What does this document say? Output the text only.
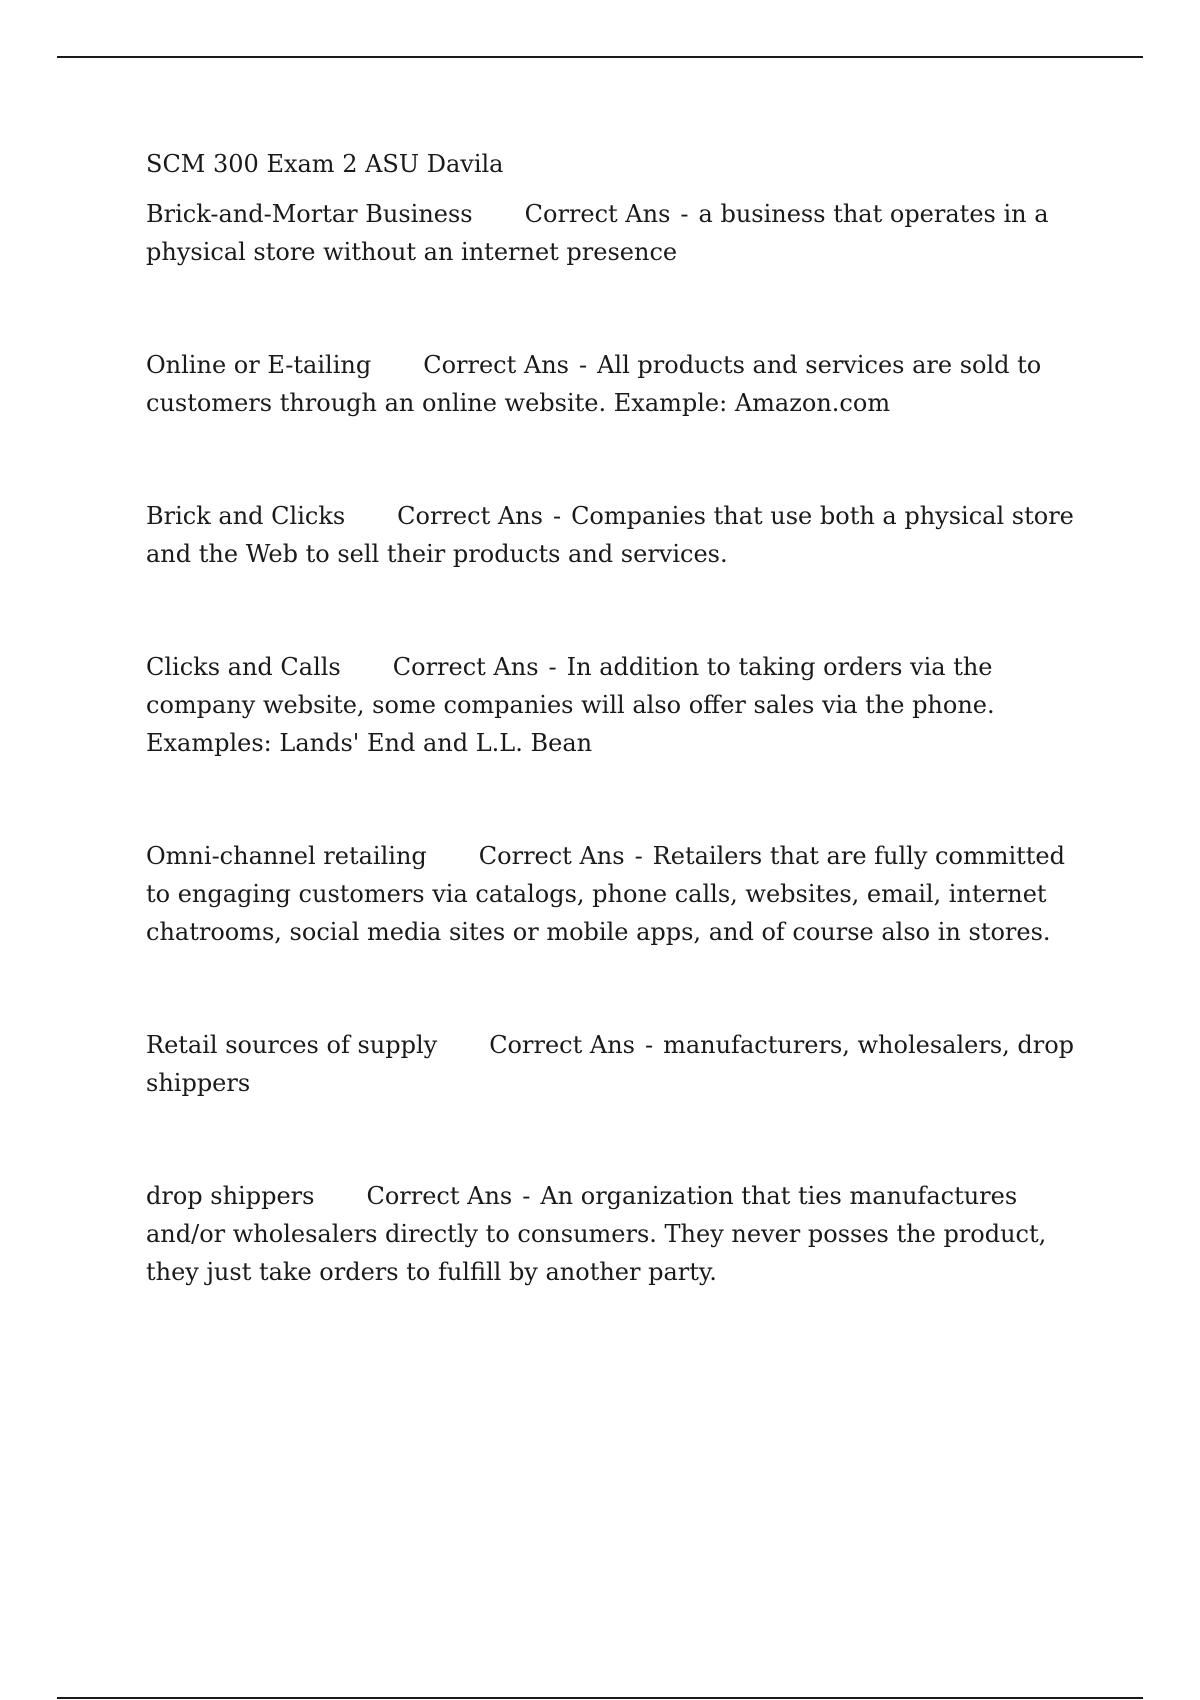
SCM 300 Exam 2 ASU Davila

Brick-and-Mortar Business Correct Ans - a business that operates in a physical store without an internet presence

Online or E-tailing Correct Ans - All products and services are sold to customers through an online website. Example: Amazon.com

Brick and Clicks Correct Ans - Companies that use both a physical store and the Web to sell their products and services.

Clicks and Calls Correct Ans - In addition to taking orders via the company website, some companies will also offer sales via the phone. Examples: Lands' End and L.L. Bean

Omni-channel retailing Correct Ans - Retailers that are fully committed to engaging customers via catalogs, phone calls, websites, email, internet chatrooms, social media sites or mobile apps, and of course also in stores.

Retail sources of supply Correct Ans - manufacturers, wholesalers, drop shippers

drop shippers Correct Ans - An organization that ties manufactures and/or wholesalers directly to consumers. They never posses the product, they just take orders to fulfill by another party.
